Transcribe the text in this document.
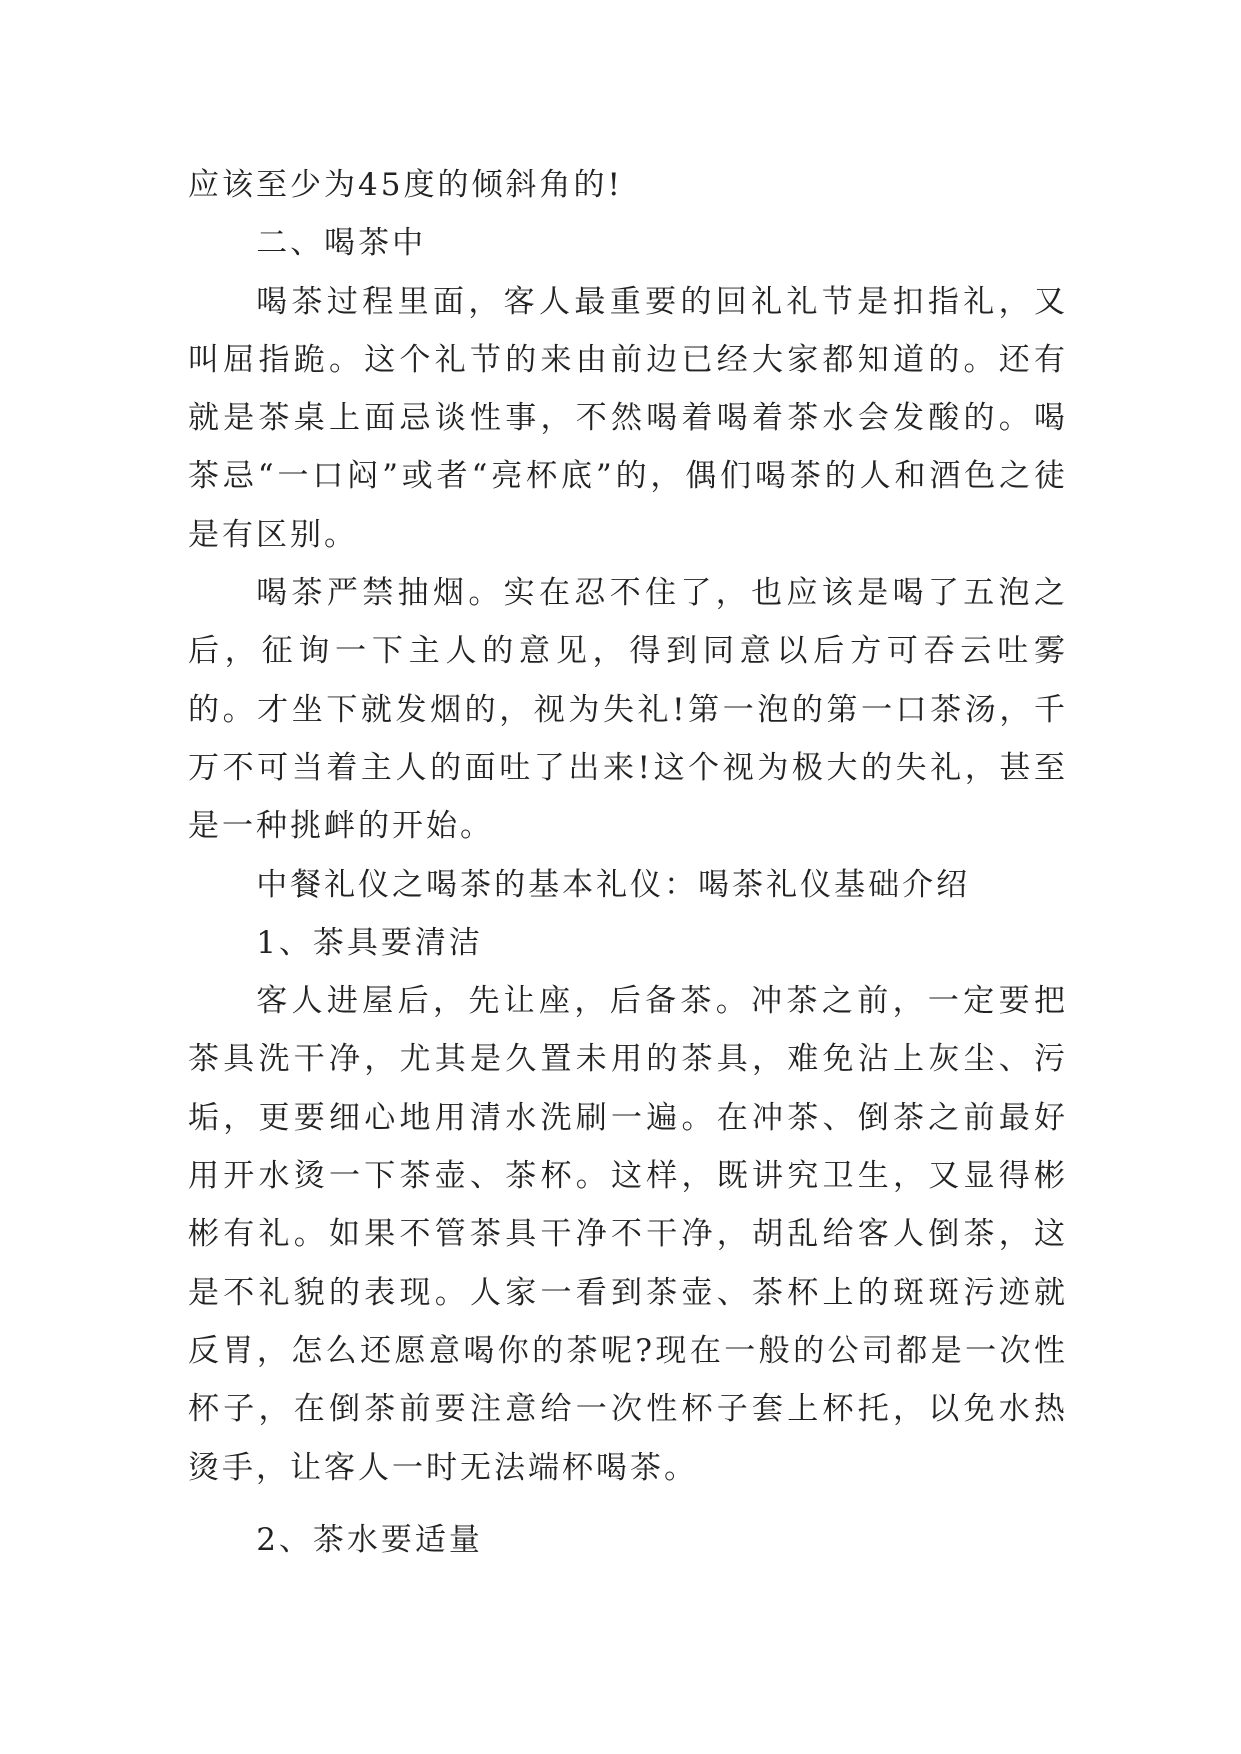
应该至少为45度的倾斜角的!

二、喝茶中

喝茶过程里面，客人最重要的回礼礼节是扣指礼，又叫屈指跪。这个礼节的来由前边已经大家都知道的。还有就是茶桌上面忌谈性事，不然喝着喝着茶水会发酸的。喝茶忌“一口闷”或者“亮杯底”的，偶们喝茶的人和酒色之徒是有区别。

喝茶严禁抽烟。实在忍不住了，也应该是喝了五泡之后，征询一下主人的意见，得到同意以后方可吞云吐雾的。才坐下就发烟的，视为失礼!第一泡的第一口茶汤，千万不可当着主人的面吐了出来!这个视为极大的失礼，甚至是一种挑衅的开始。

中餐礼仪之喝茶的基本礼仪：喝茶礼仪基础介绍

1、茶具要清洁

客人进屋后，先让座，后备茶。冲茶之前，一定要把茶具洗干净，尤其是久置未用的茶具，难免沾上灰尘、污垢，更要细心地用清水洗刷一遍。在冲茶、倒茶之前最好用开水烫一下茶壶、茶杯。这样，既讲究卫生，又显得彬彬有礼。如果不管茶具干净不干净，胡乱给客人倒茶，这是不礼貌的表现。人家一看到茶壶、茶杯上的斑斑污迹就反胃，怎么还愿意喝你的茶呢?现在一般的公司都是一次性杯子，在倒茶前要注意给一次性杯子套上杯托，以免水热烫手，让客人一时无法端杯喝茶。

2、茶水要适量
